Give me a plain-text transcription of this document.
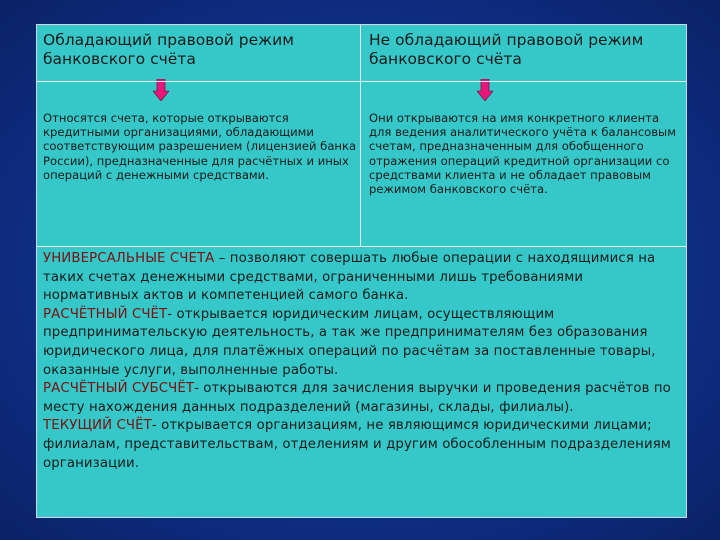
Обладающий правовой режим банковского счёта
Не обладающий правовой режим банковского счёта
Относятся счета, которые открываются кредитными организациями, обладающими соответствующим разрешением (лицензией банка России), предназначенные для расчётных и иных операций с денежными средствами.
Они открываются на имя конкретного клиента для ведения аналитического учёта к балансовым счетам, предназначенным для обобщенного отражения операций кредитной организации со средствами клиента и не обладает правовым режимом банковского счёта.

УНИВЕРСАЛЬНЫЕ СЧЕТА – позволяют совершать любые операции с находящимися на таких счетах денежными средствами, ограниченными лишь требованиями нормативных актов и компетенцией самого банка.

РАСЧЁТНЫЙ СЧЁТ- открывается юридическим лицам, осуществляющим предпринимательскую деятельность, а так же предпринимателям без образования юридического лица, для платёжных операций по расчётам за поставленные товары, оказанные услуги, выполненные работы.

РАСЧЁТНЫЙ СУБСЧЁТ- открываются для зачисления выручки и проведения расчётов по месту нахождения данных подразделений (магазины, склады, филиалы).

ТЕКУЩИЙ СЧЁТ- открывается организациям, не являющимся юридическими лицами; филиалам, представительствам, отделениям и другим обособленным подразделениям организации.
